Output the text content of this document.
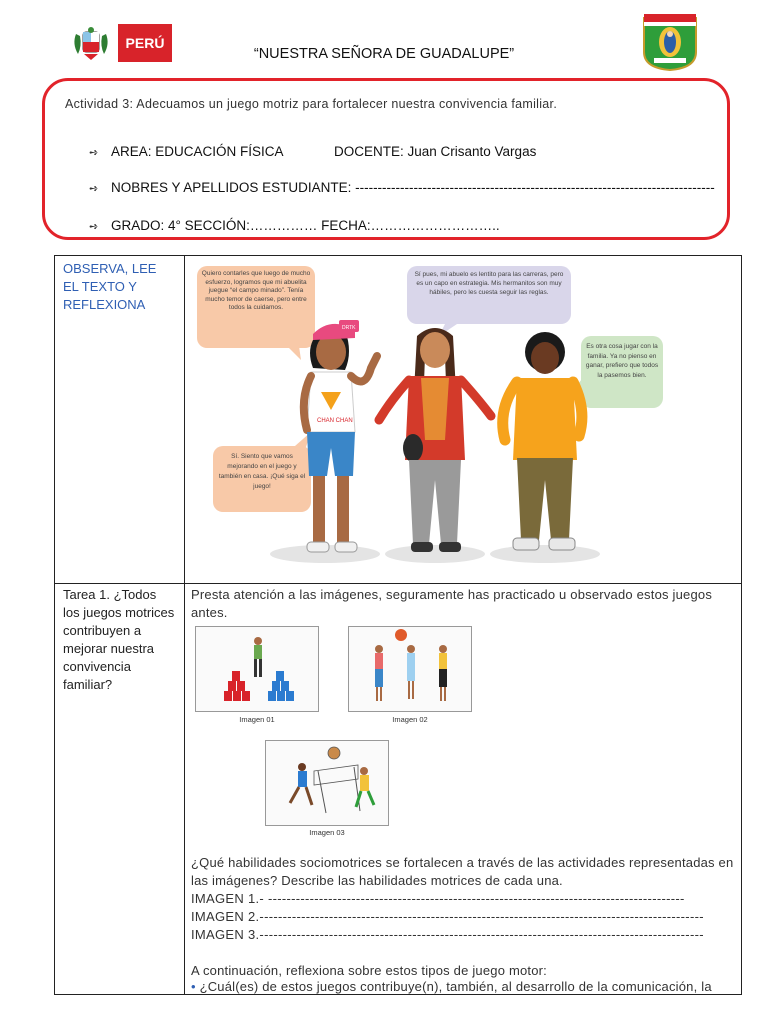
PERÚ
“NUESTRA SEÑORA DE GUADALUPE”
Actividad 3: Adecuamos un juego motriz para fortalecer nuestra convivencia familiar.
➺ AREA: EDUCACIÓN FÍSICA	DOCENTE: Juan Crisanto Vargas
➺ NOBRES Y APELLIDOS ESTUDIANTE: --------------------------------------------------------------------------------
➺ GRADO: 4° SECCIÓN:…………… FECHA:………………………..
OBSERVA, LEE EL TEXTO Y REFLEXIONA
Tarea 1. ¿Todos los juegos motrices contribuyen a mejorar nuestra convivencia familiar?
Quiero contarles que luego de mucho esfuerzo, logramos que mi abuelita juegue “el campo minado”. Tenía mucho temor de caerse, pero entre todos la cuidamos.
Sí pues, mi abuelo es lentito para las carreras, pero es un capo en estrategia. Mis hermanitos son muy hábiles, pero les cuesta seguir las reglas.
Es otra cosa jugar con la familia. Ya no pienso en ganar, prefiero que todos la pasemos bien.
Sí. Siento que vamos mejorando en el juego y también en casa. ¡Qué siga el juego!
DRTK
CHAN CHAN
Presta atención a las imágenes, seguramente has practicado u observado estos juegos antes.
Imagen 01	Imagen 02
Imagen 03
¿Qué habilidades sociomotrices se fortalecen a través de las actividades representadas en las imágenes? Describe las habilidades motrices de cada una.
IMAGEN 1.- ------------------------------------------------------------------------------------------
IMAGEN 2.------------------------------------------------------------------------------------------------
IMAGEN 3.------------------------------------------------------------------------------------------------
A continuación, reflexiona sobre estos tipos de juego motor:
• ¿Cuál(es) de estos juegos contribuye(n), también, al desarrollo de la comunicación, la
